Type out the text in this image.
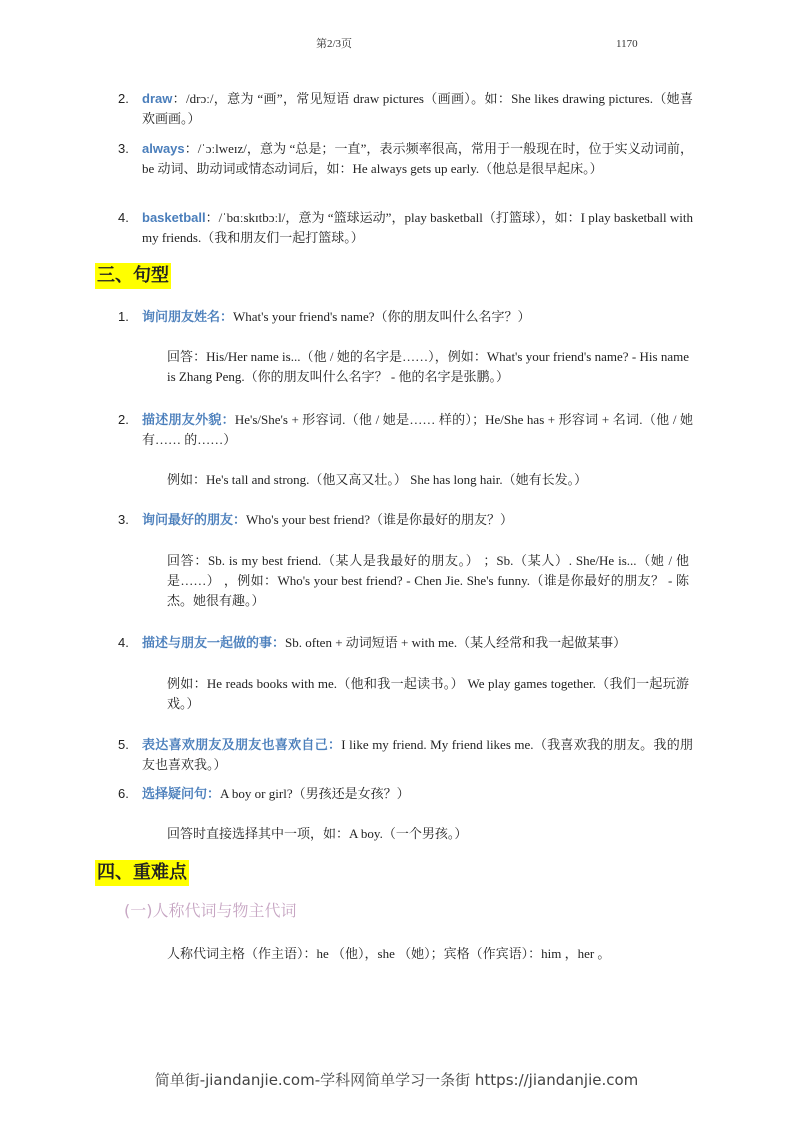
第2/3页	1170
2. draw：/drɔː/，意为 “画”，常见短语 draw pictures（画画）。如：She likes drawing pictures.（她喜欢画画。）
3. always：/ˈɔːlweɪz/，意为 “总是；一直”，表示频率很高，常用于一般现在时，位于实义动词前，be 动词、助动词或情态动词后，如：He always gets up early.（他总是很早起床。）
4. basketball：/ˈbɑːskɪtbɔːl/，意为 “篮球运动”，play basketball（打篮球），如：I play basketball with my friends.（我和朋友们一起打篮球。）
三、句型
1. 询问朋友姓名：What's your friend's name?（你的朋友叫什么名字？）
回答：His/Her name is...（他 / 她的名字是……），例如：What's your friend's name? - His name is Zhang Peng.（你的朋友叫什么名字？ - 他的名字是张鹏。）
2. 描述朋友外貌：He's/She's + 形容词.（他 / 她是…… 样的）；He/She has + 形容词 + 名词.（他 / 她有…… 的……）
例如：He's tall and strong.（他又高又壮。） She has long hair.（她有长发。）
3. 询问最好的朋友：Who's your best friend?（谁是你最好的朋友？）
回答：Sb. is my best friend.（某人是我最好的朋友。） ；Sb.（某人）. She/He is...（她 / 他是……） ，例如：Who's your best friend? - Chen Jie. She's funny.（谁是你最好的朋友？ - 陈杰。她很有趣。）
4. 描述与朋友一起做的事：Sb. often + 动词短语 + with me.（某人经常和我一起做某事）
例如：He reads books with me.（他和我一起读书。） We play games together.（我们一起玩游戏。）
5. 表达喜欢朋友及朋友也喜欢自己：I like my friend. My friend likes me.（我喜欢我的朋友。我的朋友也喜欢我。）
6. 选择疑问句：A boy or girl?（男孩还是女孩？）
回答时直接选择其中一项，如：A boy.（一个男孩。）
四、重难点
(一)人称代词与物主代词
人称代词主格（作主语）：he （他），she （她）；宾格（作宾语）：him ，her 。
简单街-jiandanjie.com-学科网简单学习一条街 https://jiandanjie.com
